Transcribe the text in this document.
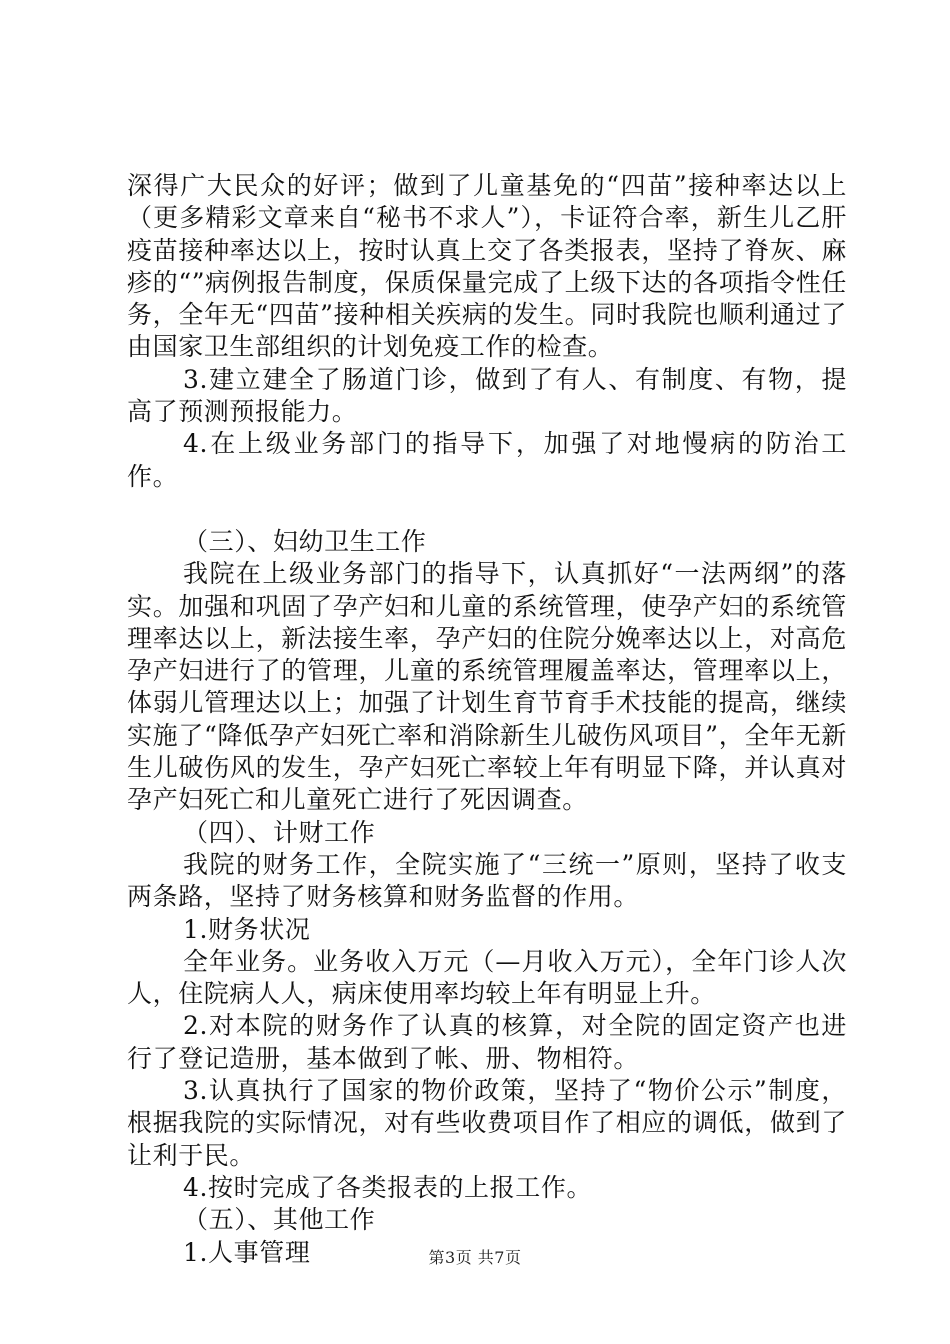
深得广大民众的好评；做到了儿童基免的“四苗”接种率达以上（更多精彩文章来自“秘书不求人”），卡证符合率，新生儿乙肝疫苗接种率达以上，按时认真上交了各类报表，坚持了脊灰、麻疹的“”病例报告制度，保质保量完成了上级下达的各项指令性任务，全年无“四苗”接种相关疾病的发生。同时我院也顺利通过了由国家卫生部组织的计划免疫工作的检查。

3.建立建全了肠道门诊，做到了有人、有制度、有物，提高了预测预报能力。

4.在上级业务部门的指导下，加强了对地慢病的防治工作。

（三）、妇幼卫生工作

我院在上级业务部门的指导下，认真抓好“一法两纲”的落实。加强和巩固了孕产妇和儿童的系统管理，使孕产妇的系统管理率达以上，新法接生率，孕产妇的住院分娩率达以上，对高危孕产妇进行了的管理，儿童的系统管理履盖率达，管理率以上，体弱儿管理达以上；加强了计划生育节育手术技能的提高，继续实施了“降低孕产妇死亡率和消除新生儿破伤风项目”，全年无新生儿破伤风的发生，孕产妇死亡率较上年有明显下降，并认真对孕产妇死亡和儿童死亡进行了死因调查。

（四）、计财工作

我院的财务工作，全院实施了“三统一”原则，坚持了收支两条路，坚持了财务核算和财务监督的作用。

1.财务状况

全年业务。业务收入万元（—月收入万元），全年门诊人次人，住院病人人，病床使用率均较上年有明显上升。

2.对本院的财务作了认真的核算，对全院的固定资产也进行了登记造册，基本做到了帐、册、物相符。

3.认真执行了国家的物价政策，坚持了“物价公示”制度，根据我院的实际情况，对有些收费项目作了相应的调低，做到了让利于民。

4.按时完成了各类报表的上报工作。

（五）、其他工作

1.人事管理	第3页 共7页
